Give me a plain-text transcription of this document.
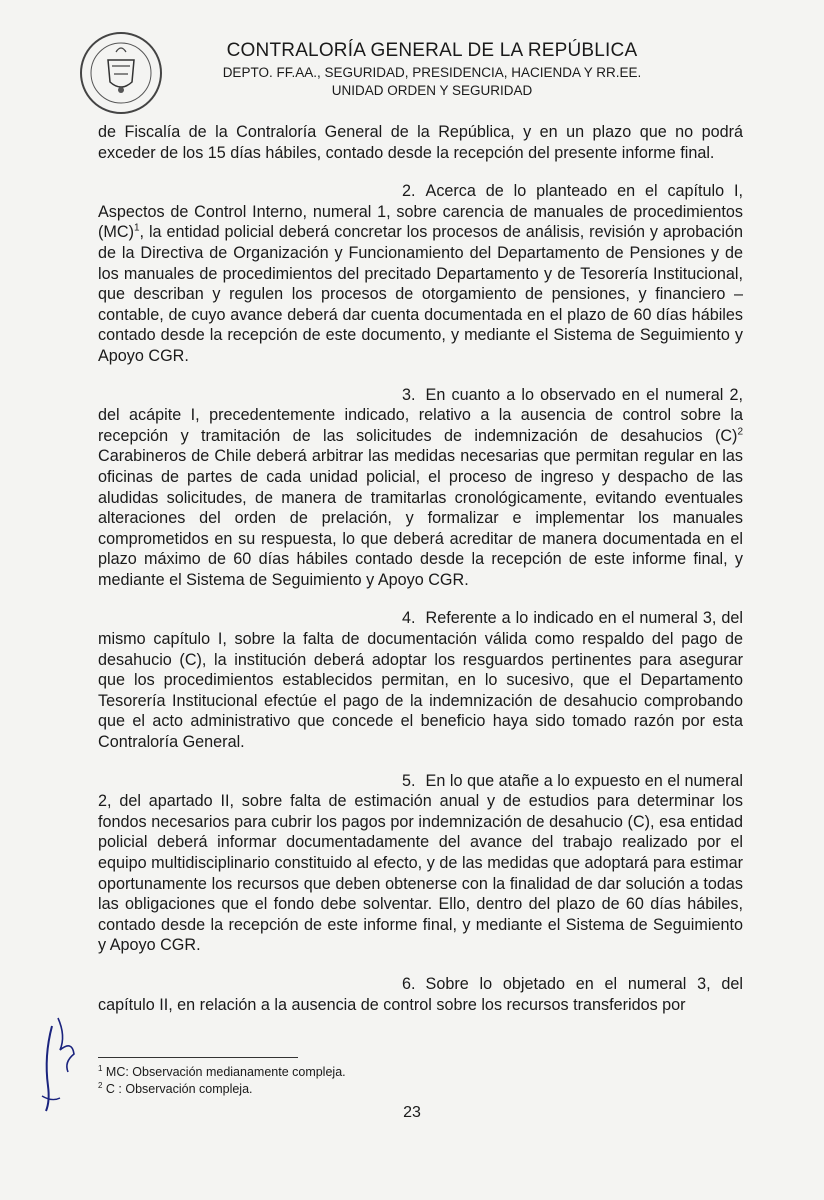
CONTRALORÍA GENERAL DE LA REPÚBLICA
DEPTO. FF.AA., SEGURIDAD, PRESIDENCIA, HACIENDA Y RR.EE.
UNIDAD ORDEN Y SEGURIDAD

de Fiscalía de la Contraloría General de la República, y en un plazo que no podrá exceder de los 15 días hábiles, contado desde la recepción del presente informe final.

2. Acerca de lo planteado en el capítulo I, Aspectos de Control Interno, numeral 1, sobre carencia de manuales de procedimientos (MC)$^1$, la entidad policial deberá concretar los procesos de análisis, revisión y aprobación de la Directiva de Organización y Funcionamiento del Departamento de Pensiones y de los manuales de procedimientos del precitado Departamento y de Tesorería Institucional, que describan y regulen los procesos de otorgamiento de pensiones, y financiero – contable, de cuyo avance deberá dar cuenta documentada en el plazo de 60 días hábiles contado desde la recepción de este documento, y mediante el Sistema de Seguimiento y Apoyo CGR.

3. En cuanto a lo observado en el numeral 2, del acápite I, precedentemente indicado, relativo a la ausencia de control sobre la recepción y tramitación de las solicitudes de indemnización de desahucios $(C)^2$ Carabineros de Chile deberá arbitrar las medidas necesarias que permitan regular en las oficinas de partes de cada unidad policial, el proceso de ingreso y despacho de las aludidas solicitudes, de manera de tramitarlas cronológicamente, evitando eventuales alteraciones del orden de prelación, y formalizar e implementar los manuales comprometidos en su respuesta, lo que deberá acreditar de manera documentada en el plazo máximo de 60 días hábiles contado desde la recepción de este informe final, y mediante el Sistema de Seguimiento y Apoyo CGR.

4. Referente a lo indicado en el numeral 3, del mismo capítulo I, sobre la falta de documentación válida como respaldo del pago de desahucio (C), la institución deberá adoptar los resguardos pertinentes para asegurar que los procedimientos establecidos permitan, en lo sucesivo, que el Departamento Tesorería Institucional efectúe el pago de la indemnización de desahucio comprobando que el acto administrativo que concede el beneficio haya sido tomado razón por esta Contraloría General.

5. En lo que atañe a lo expuesto en el numeral 2, del apartado II, sobre falta de estimación anual y de estudios para determinar los fondos necesarios para cubrir los pagos por indemnización de desahucio (C), esa entidad policial deberá informar documentadamente del avance del trabajo realizado por el equipo multidisciplinario constituido al efecto, y de las medidas que adoptará para estimar oportunamente los recursos que deben obtenerse con la finalidad de dar solución a todas las obligaciones que el fondo debe solventar. Ello, dentro del plazo de 60 días hábiles, contado desde la recepción de este informe final, y mediante el Sistema de Seguimiento y Apoyo CGR.

6. Sobre lo objetado en el numeral 3, del capítulo II, en relación a la ausencia de control sobre los recursos transferidos por

$^1$ MC: Observación medianamente compleja.
$^2$ C : Observación compleja.
23
